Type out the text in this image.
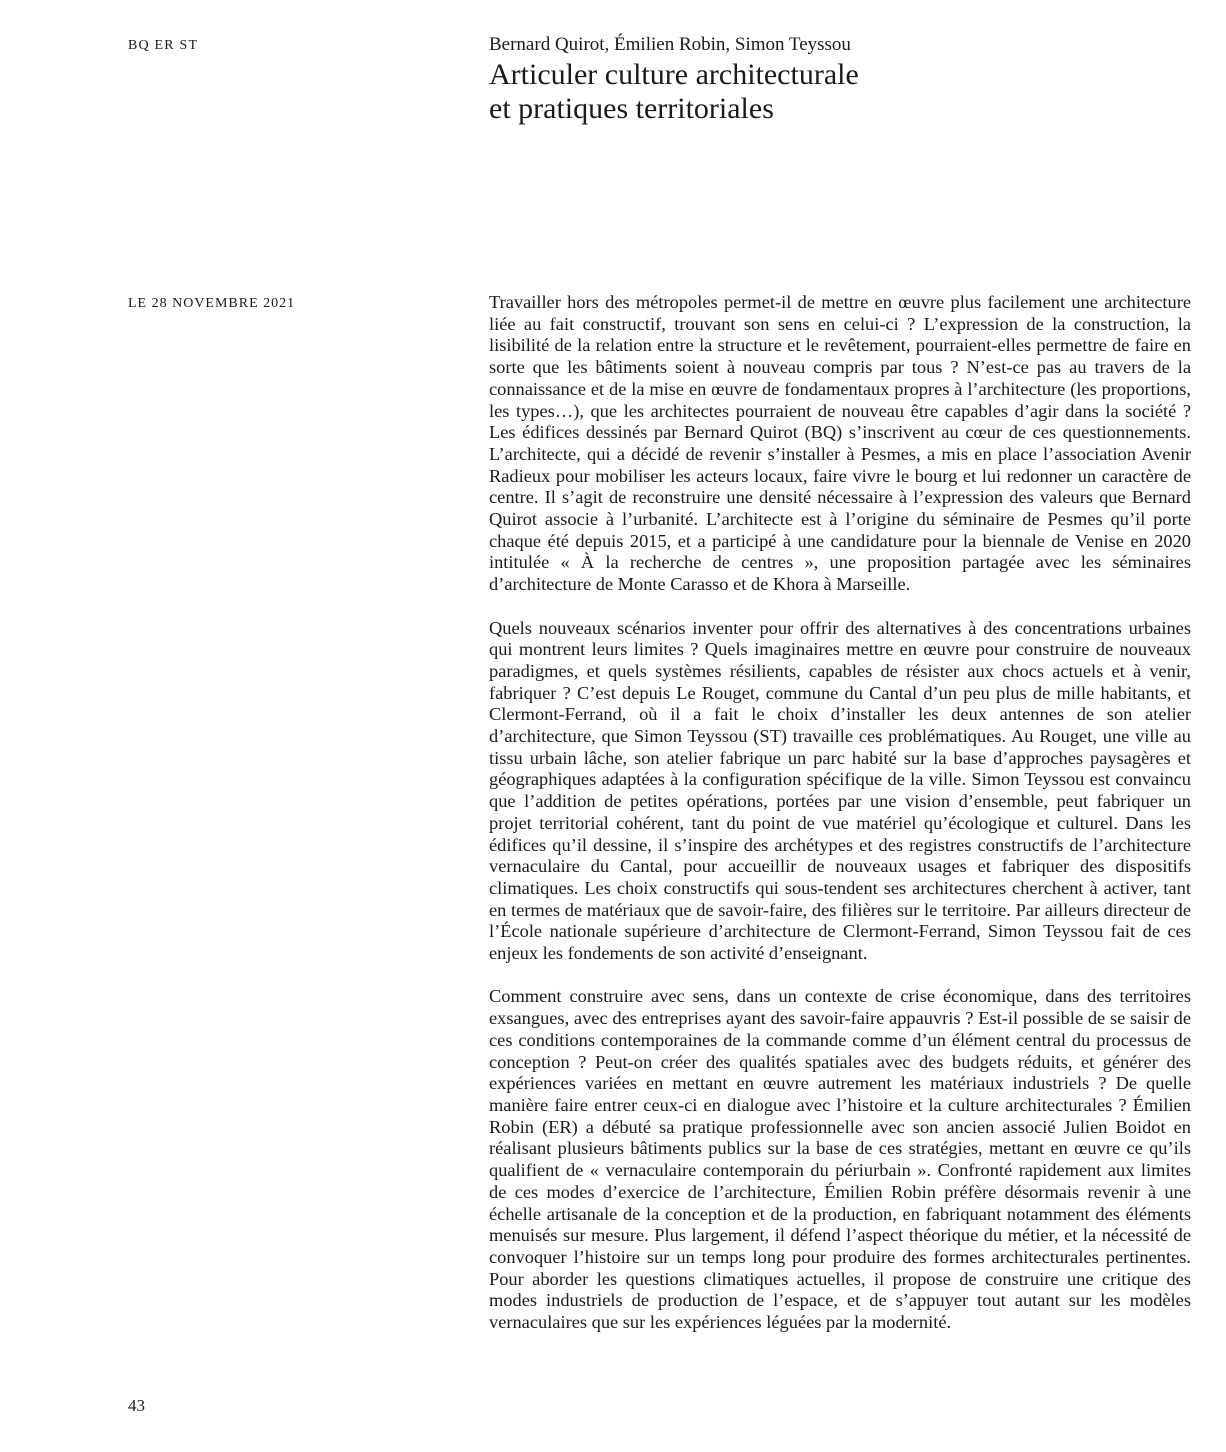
BQ ER ST	Bernard Quirot, Émilien Robin, Simon Teyssou
Articuler culture architecturale
et pratiques territoriales
LE 28 NOVEMBRE 2021	Travailler hors des métropoles permet-il de mettre en œuvre plus facilement une architecture liée au fait constructif, trouvant son sens en celui-ci ? L’expression de la construction, la lisibilité de la relation entre la structure et le revêtement, pourraient-elles permettre de faire en sorte que les bâtiments soient à nouveau compris par tous ? N’est-ce pas au travers de la connaissance et de la mise en œuvre de fondamentaux propres à l’architecture (les proportions, les types…), que les architectes pourraient de nouveau être capables d’agir dans la société ? Les édifices dessinés par Bernard Quirot (BQ) s’inscrivent au cœur de ces questionnements. L’architecte, qui a décidé de revenir s’installer à Pesmes, a mis en place l’association Avenir Radieux pour mobiliser les acteurs locaux, faire vivre le bourg et lui redonner un caractère de centre. Il s’agit de reconstruire une densité nécessaire à l’expression des valeurs que Bernard Quirot associe à l’urbanité. L’architecte est à l’origine du séminaire de Pesmes qu’il porte chaque été depuis 2015, et a participé à une candidature pour la biennale de Venise en 2020 intitulée « À la recherche de centres », une proposition partagée avec les séminaires d’architecture de Monte Carasso et de Khora à Marseille.

Quels nouveaux scénarios inventer pour offrir des alternatives à des concentrations urbaines qui montrent leurs limites ? Quels imaginaires mettre en œuvre pour construire de nouveaux paradigmes, et quels systèmes résilients, capables de résister aux chocs actuels et à venir, fabriquer ? C’est depuis Le Rouget, commune du Cantal d’un peu plus de mille habitants, et Clermont-Ferrand, où il a fait le choix d’installer les deux antennes de son atelier d’architecture, que Simon Teyssou (ST) travaille ces problématiques. Au Rouget, une ville au tissu urbain lâche, son atelier fabrique un parc habité sur la base d’approches paysagères et géographiques adaptées à la configuration spécifique de la ville. Simon Teyssou est convaincu que l’addition de petites opérations, portées par une vision d’ensemble, peut fabriquer un projet territorial cohérent, tant du point de vue matériel qu’écologique et culturel. Dans les édifices qu’il dessine, il s’inspire des archétypes et des registres constructifs de l’architecture vernaculaire du Cantal, pour accueillir de nouveaux usages et fabriquer des dispositifs climatiques. Les choix constructifs qui sous-tendent ses architectures cherchent à activer, tant en termes de matériaux que de savoir-faire, des filières sur le territoire. Par ailleurs directeur de l’École nationale supérieure d’architecture de Clermont-Ferrand, Simon Teyssou fait de ces enjeux les fondements de son activité d’enseignant.

Comment construire avec sens, dans un contexte de crise économique, dans des territoires exsangues, avec des entreprises ayant des savoir-faire appauvris ? Est-il possible de se saisir de ces conditions contemporaines de la commande comme d’un élément central du processus de conception ? Peut-on créer des qualités spatiales avec des budgets réduits, et générer des expériences variées en mettant en œuvre autrement les matériaux industriels ? De quelle manière faire entrer ceux-ci en dialogue avec l’histoire et la culture architecturales ? Émilien Robin (ER) a débuté sa pratique professionnelle avec son ancien associé Julien Boidot en réalisant plusieurs bâtiments publics sur la base de ces stratégies, mettant en œuvre ce qu’ils qualifient de « vernaculaire contemporain du périurbain ». Confronté rapidement aux limites de ces modes d’exercice de l’architecture, Émilien Robin préfère désormais revenir à une échelle artisanale de la conception et de la production, en fabriquant notamment des éléments menuisés sur mesure. Plus largement, il défend l’aspect théorique du métier, et la nécessité de convoquer l’histoire sur un temps long pour produire des formes architecturales pertinentes. Pour aborder les questions climatiques actuelles, il propose de construire une critique des modes industriels de production de l’espace, et de s’appuyer tout autant sur les modèles vernaculaires que sur les expériences léguées par la modernité.

43
